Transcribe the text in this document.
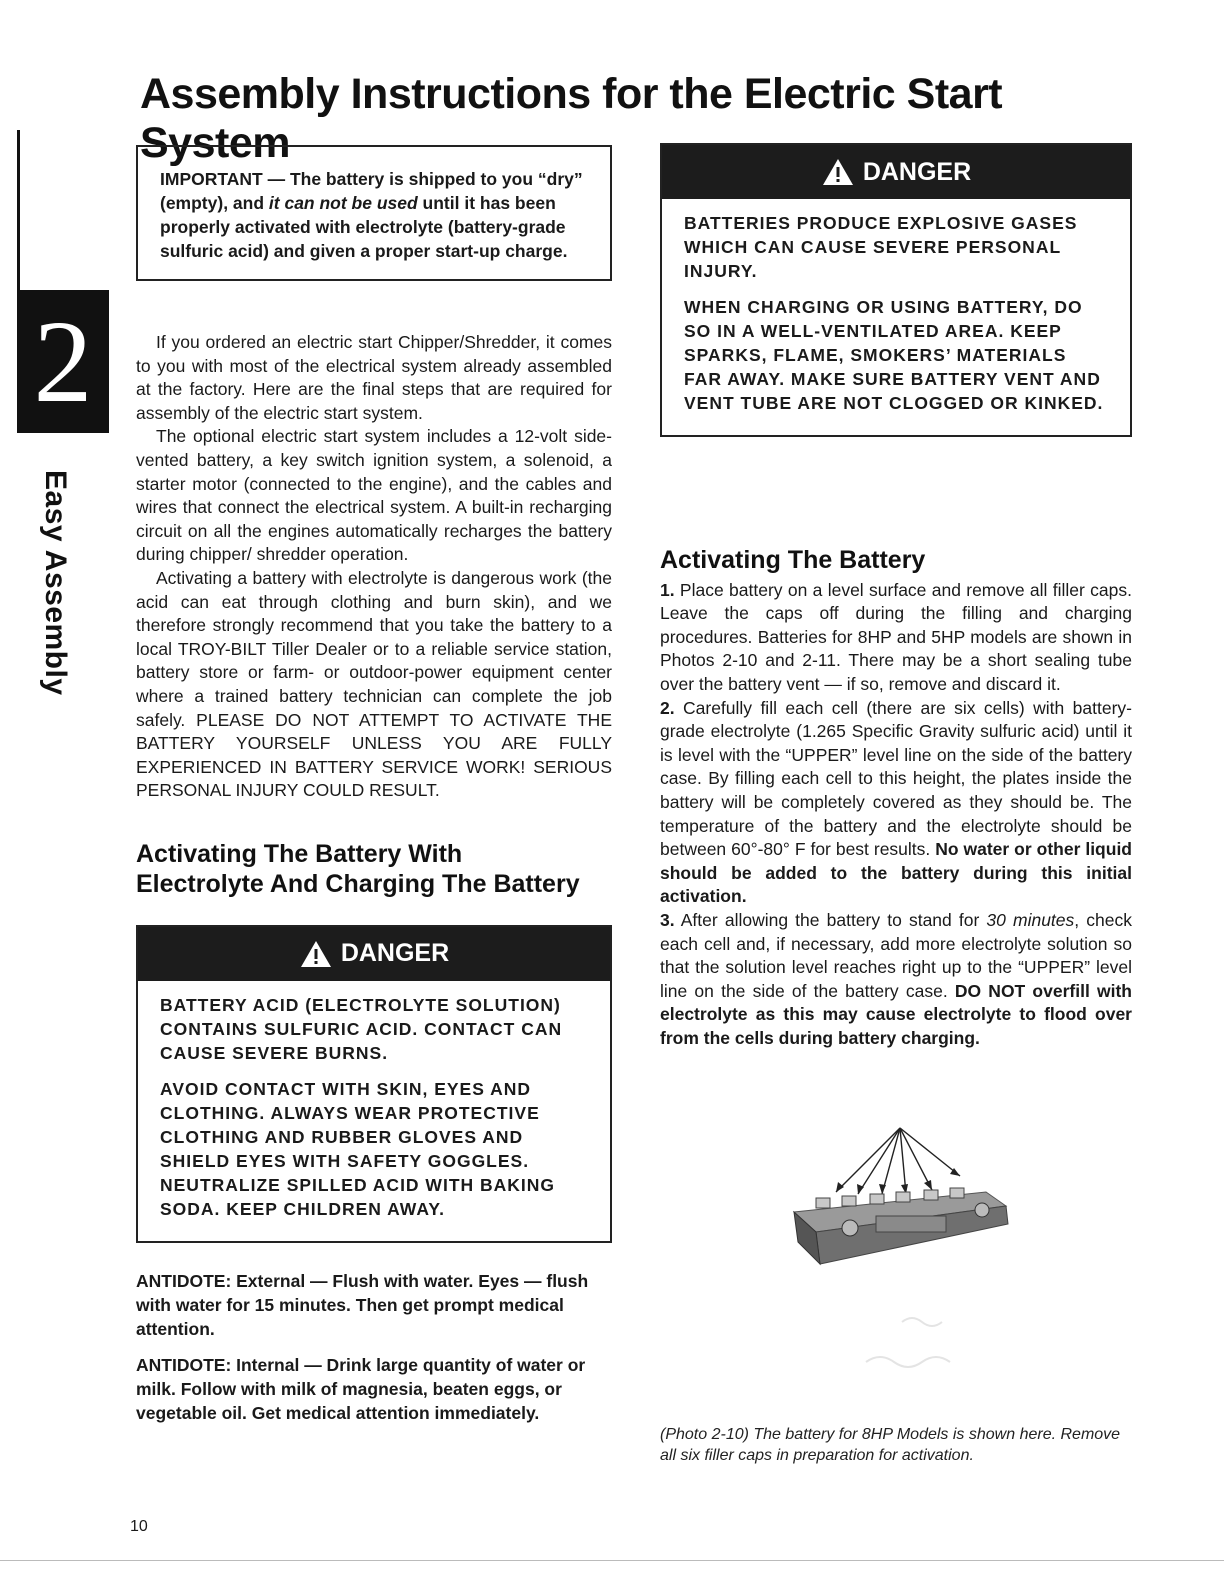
Assembly Instructions for the Electric Start System
2
Easy Assembly
IMPORTANT — The battery is shipped to you “dry” (empty), and it can not be used until it has been properly activated with electrolyte (battery-grade sulfuric acid) and given a proper start-up charge.

If you ordered an electric start Chipper/Shredder, it comes to you with most of the electrical system already assembled at the factory. Here are the final steps that are required for assembly of the electric start system.

The optional electric start system includes a 12-volt side-vented battery, a key switch ignition system, a solenoid, a starter motor (connected to the engine), and the cables and wires that connect the electrical system. A built-in recharging circuit on all the engines automatically recharges the battery during chipper/ shredder operation.

Activating a battery with electrolyte is dangerous work (the acid can eat through clothing and burn skin), and we therefore strongly recommend that you take the battery to a local TROY-BILT Tiller Dealer or to a reliable service station, battery store or farm- or outdoor-power equipment center where a trained battery technician can complete the job safely. PLEASE DO NOT ATTEMPT TO ACTIVATE THE BATTERY YOURSELF UNLESS YOU ARE FULLY EXPERIENCED IN BATTERY SERVICE WORK! SERIOUS PERSONAL INJURY COULD RESULT.

Activating The Battery With
Electrolyte And Charging The Battery
DANGER

BATTERY ACID (ELECTROLYTE SOLUTION) CONTAINS SULFURIC ACID. CONTACT CAN CAUSE SEVERE BURNS.

AVOID CONTACT WITH SKIN, EYES AND CLOTHING. ALWAYS WEAR PROTECTIVE CLOTHING AND RUBBER GLOVES AND SHIELD EYES WITH SAFETY GOGGLES. NEUTRALIZE SPILLED ACID WITH BAKING SODA. KEEP CHILDREN AWAY.

ANTIDOTE: External — Flush with water. Eyes — flush with water for 15 minutes. Then get prompt medical attention.

ANTIDOTE: Internal — Drink large quantity of water or milk. Follow with milk of magnesia, beaten eggs, or vegetable oil. Get medical attention immediately.

DANGER

BATTERIES PRODUCE EXPLOSIVE GASES WHICH CAN CAUSE SEVERE PERSONAL INJURY.

WHEN CHARGING OR USING BATTERY, DO SO IN A WELL-VENTILATED AREA. KEEP SPARKS, FLAME, SMOKERS’ MATERIALS FAR AWAY. MAKE SURE BATTERY VENT AND VENT TUBE ARE NOT CLOGGED OR KINKED.

Activating The Battery

1. Place battery on a level surface and remove all filler caps. Leave the caps off during the filling and charging procedures. Batteries for 8HP and 5HP models are shown in Photos 2-10 and 2-11. There may be a short sealing tube over the battery vent — if so, remove and discard it.

2. Carefully fill each cell (there are six cells) with battery-grade electrolyte (1.265 Specific Gravity sulfuric acid) until it is level with the “UPPER” level line on the side of the battery case. By filling each cell to this height, the plates inside the battery will be completely covered as they should be. The temperature of the battery and the electrolyte should be between 60°-80° F for best results. No water or other liquid should be added to the battery during this initial activation.

3. After allowing the battery to stand for 30 minutes, check each cell and, if necessary, add more electrolyte solution so that the solution level reaches right up to the “UPPER” level line on the side of the battery case. DO NOT overfill with electrolyte as this may cause electrolyte to flood over from the cells during battery charging.

(Photo 2-10) The battery for 8HP Models is shown here. Remove all six filler caps in preparation for activation.
10
